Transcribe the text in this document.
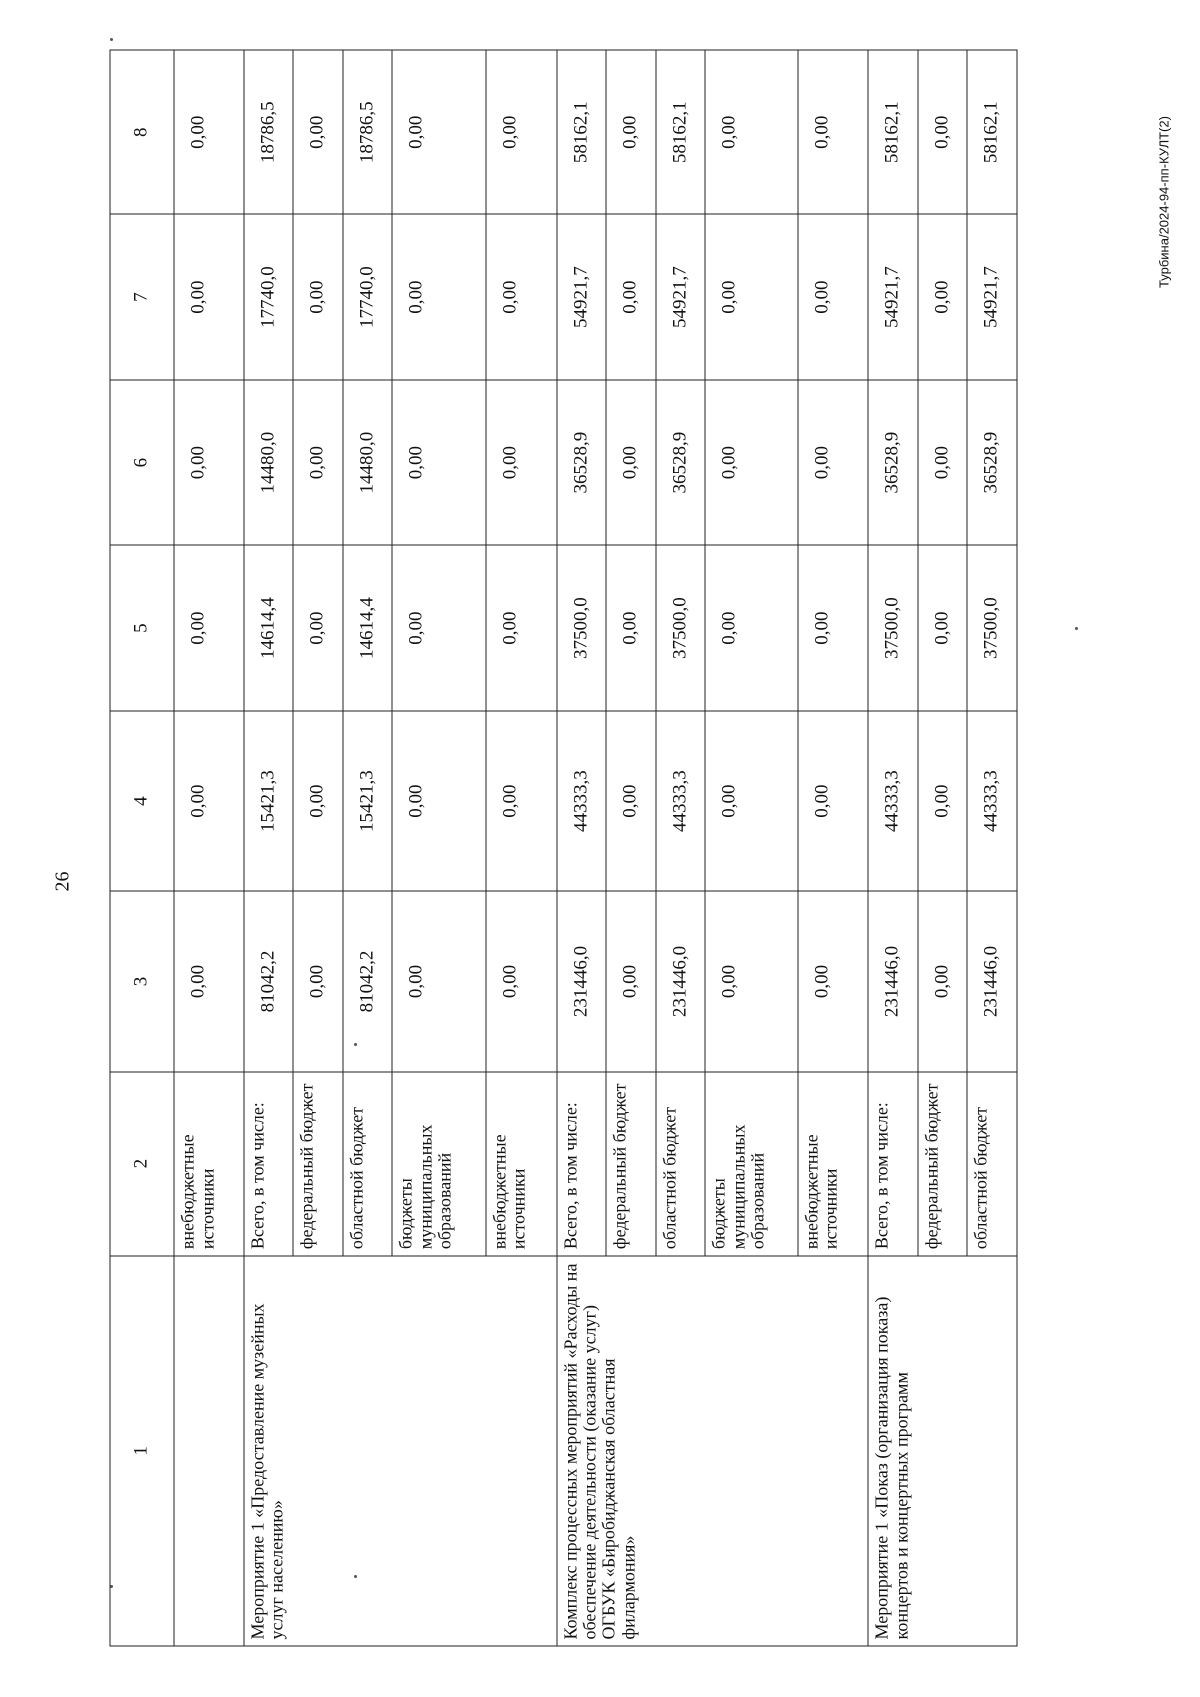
26
1	2	3	4	5	6	7	8
	внебюджетные источники	0,00	0,00	0,00	0,00	0,00	0,00
Мероприятие 1 «Предоставление музейных услуг населению»	Всего, в том числе:	81042,2	15421,3	14614,4	14480,0	17740,0	18786,5
	федеральный бюджет	0,00	0,00	0,00	0,00	0,00	0,00
	областной бюджет	81042,2	15421,3	14614,4	14480,0	17740,0	18786,5
	бюджеты муниципальных образований	0,00	0,00	0,00	0,00	0,00	0,00
	внебюджетные источники	0,00	0,00	0,00	0,00	0,00	0,00
Комплекс процессных мероприятий «Расходы на обеспечение деятельности (оказание услуг) ОГБУК «Биробиджанская областная филармония»	Всего, в том числе:	231446,0	44333,3	37500,0	36528,9	54921,7	58162,1
	федеральный бюджет	0,00	0,00	0,00	0,00	0,00	0,00
	областной бюджет	231446,0	44333,3	37500,0	36528,9	54921,7	58162,1
	бюджеты муниципальных образований	0,00	0,00	0,00	0,00	0,00	0,00
	внебюджетные источники	0,00	0,00	0,00	0,00	0,00	0,00
Мероприятие 1 «Показ (организация показа) концертов и концертных программ	Всего, в том числе:	231446,0	44333,3	37500,0	36528,9	54921,7	58162,1
	федеральный бюджет	0,00	0,00	0,00	0,00	0,00	0,00
	областной бюджет	231446,0	44333,3	37500,0	36528,9	54921,7	58162,1	Турбина/2024-94-пп-КУЛТ(2)
